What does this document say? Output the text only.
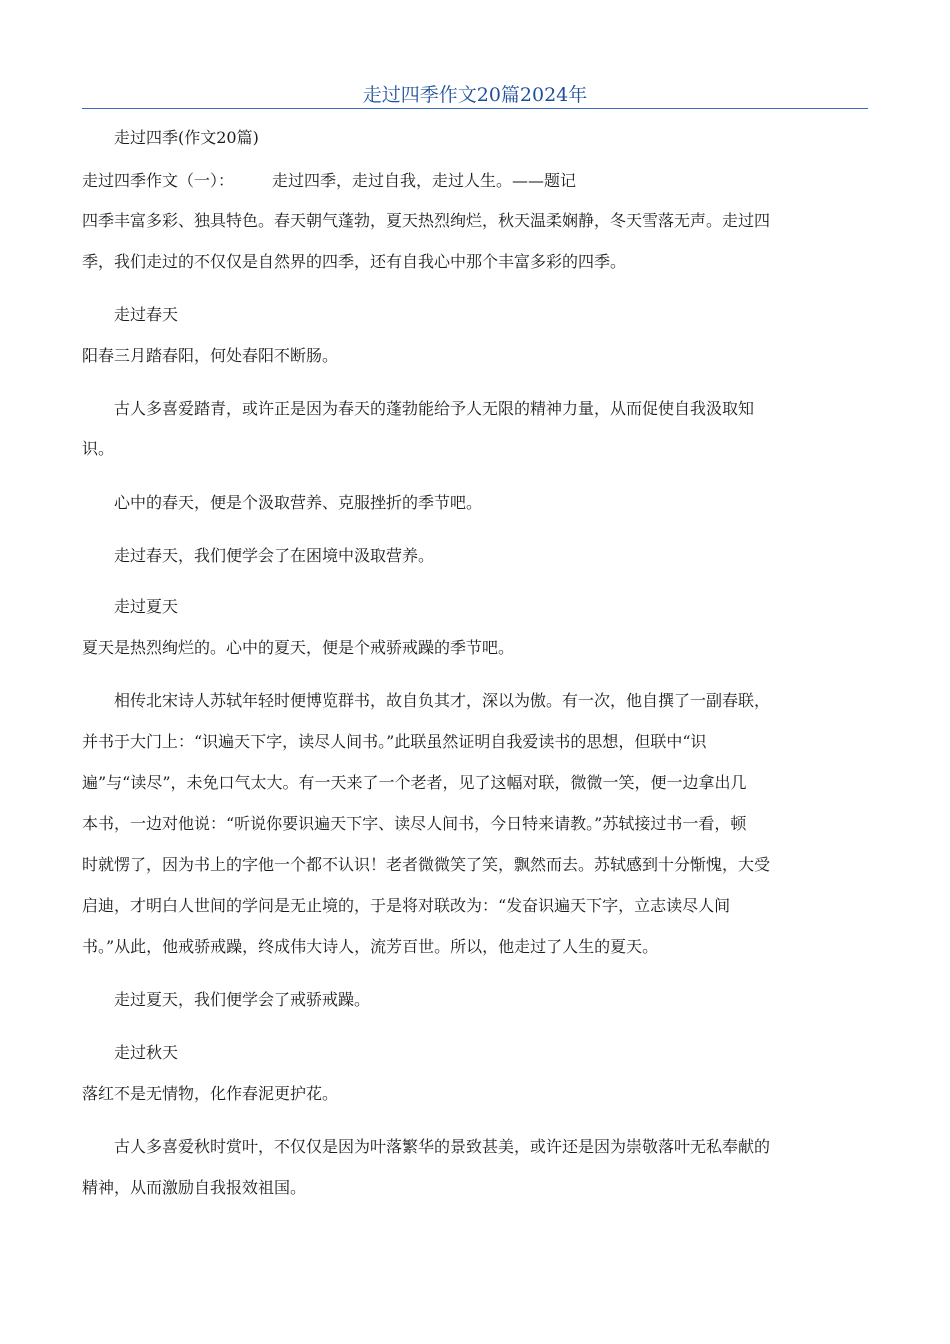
走过四季作文20篇2024年

走过四季(作文20篇)

走过四季作文（一）： 走过四季，走过自我，走过人生。——题记

四季丰富多彩、独具特色。春天朝气蓬勃，夏天热烈绚烂，秋天温柔娴静，冬天雪落无声。走过四

季，我们走过的不仅仅是自然界的四季，还有自我心中那个丰富多彩的四季。

走过春天

阳春三月踏春阳，何处春阳不断肠。

古人多喜爱踏青，或许正是因为春天的蓬勃能给予人无限的精神力量，从而促使自我汲取知

识。

心中的春天，便是个汲取营养、克服挫折的季节吧。

走过春天，我们便学会了在困境中汲取营养。

走过夏天

夏天是热烈绚烂的。心中的夏天，便是个戒骄戒躁的季节吧。

相传北宋诗人苏轼年轻时便博览群书，故自负其才，深以为傲。有一次，他自撰了一副春联，

并书于大门上：“识遍天下字，读尽人间书。”此联虽然证明自我爱读书的思想，但联中“识

遍”与“读尽”，未免口气太大。有一天来了一个老者，见了这幅对联，微微一笑，便一边拿出几

本书，一边对他说：“听说你要识遍天下字、读尽人间书，今日特来请教。”苏轼接过书一看，顿

时就愣了，因为书上的字他一个都不认识！老者微微笑了笑，飘然而去。苏轼感到十分惭愧，大受

启迪，才明白人世间的学问是无止境的，于是将对联改为：“发奋识遍天下字，立志读尽人间

书。”从此，他戒骄戒躁，终成伟大诗人，流芳百世。所以，他走过了人生的夏天。

走过夏天，我们便学会了戒骄戒躁。

走过秋天

落红不是无情物，化作春泥更护花。

古人多喜爱秋时赏叶，不仅仅是因为叶落繁华的景致甚美，或许还是因为崇敬落叶无私奉献的

精神，从而激励自我报效祖国。
